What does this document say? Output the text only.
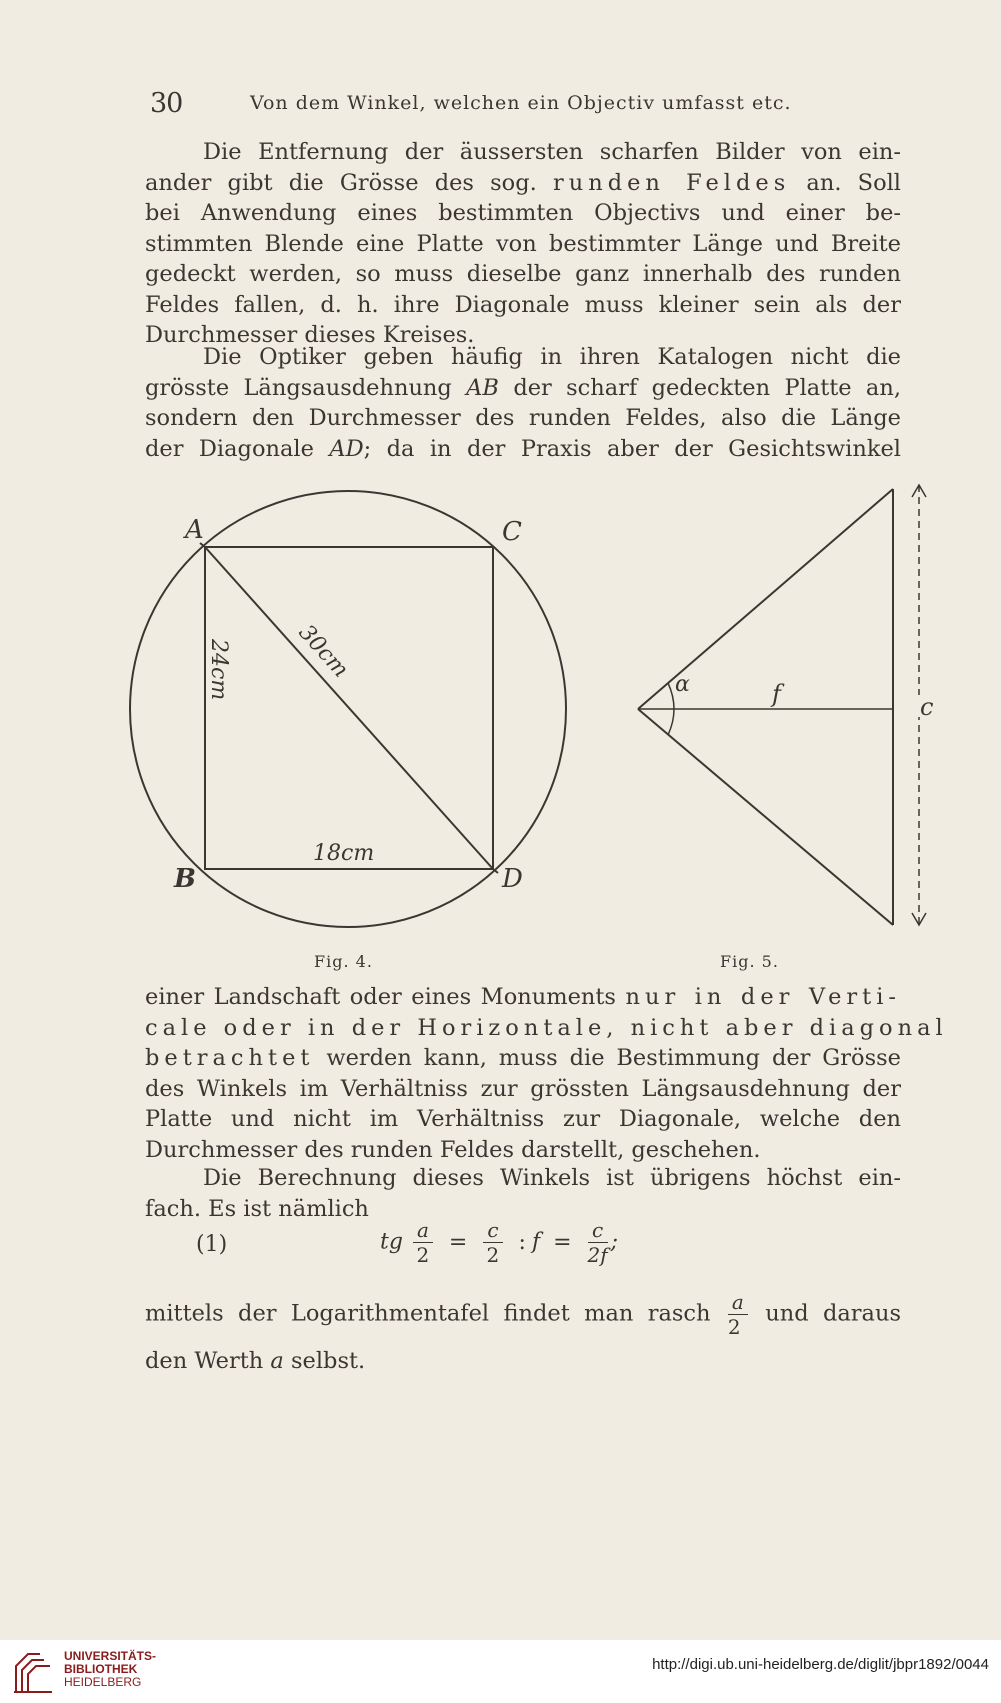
30	Von dem Winkel, welchen ein Objectiv umfasst etc.
Die Entfernung der äussersten scharfen Bilder von ein-
ander gibt die Grösse des sog. runden Feldes an. Soll
bei Anwendung eines bestimmten Objectivs und einer be-
stimmten Blende eine Platte von bestimmter Länge und Breite
gedeckt werden, so muss dieselbe ganz innerhalb des runden
Feldes fallen, d. h. ihre Diagonale muss kleiner sein als der
Durchmesser dieses Kreises.
Die Optiker geben häufig in ihren Katalogen nicht die
grösste Längsausdehnung AB der scharf gedeckten Platte an,
sondern den Durchmesser des runden Feldes, also die Länge
der Diagonale AD; da in der Praxis aber der Gesichtswinkel
A	C
B	D
24cm	30cm
18cm
α	f	c
Fig. 4.	Fig. 5.
einer Landschaft oder eines Monuments nur in der Verti-
cale oder in der Horizontale, nicht aber diagonal
betrachtet werden kann, muss die Bestimmung der Grösse
des Winkels im Verhältniss zur grössten Längsausdehnung der
Platte und nicht im Verhältniss zur Diagonale, welche den
Durchmesser des runden Feldes darstellt, geschehen.
Die Berechnung dieses Winkels ist übrigens höchst ein-
fach. Es ist nämlich
(1)	tg $\frac{a}{2} = \frac{c}{2}$ : $f = \frac{c}{2f}$ ;
mittels der Logarithmentafel findet man rasch $\frac{a}{2}$ und daraus
den Werth a selbst.
UNIVERSITÄTS-
BIBLIOTHEK
HEIDELBERG
http://digi.ub.uni-heidelberg.de/diglit/jbpr1892/0044
